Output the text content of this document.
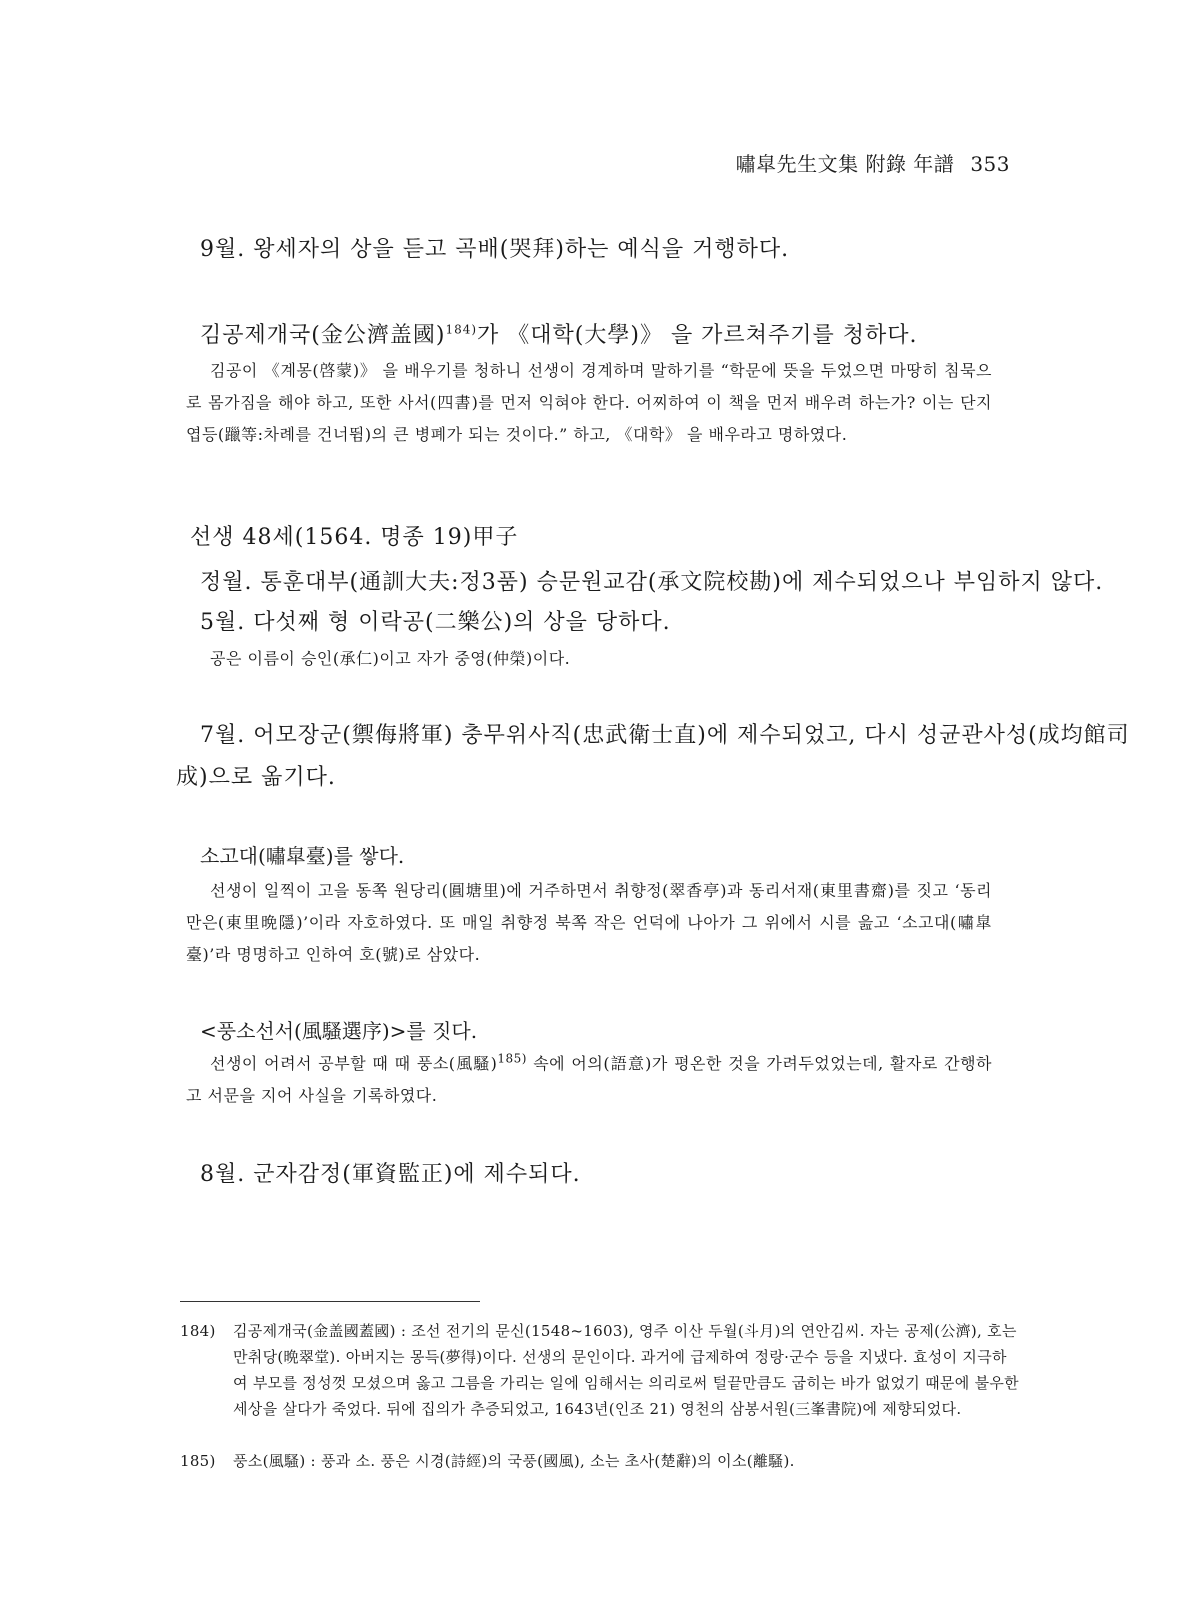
嘯皐先生文集 附錄 年譜 353
9월. 왕세자의 상을 듣고 곡배(哭拜)하는 예식을 거행하다.
김공제개국(金公濟盖國)$^{184)}$가 《대학(大學)》 을 가르쳐주기를 청하다.
김공이 《계몽(啓蒙)》 을 배우기를 청하니 선생이 경계하며 말하기를 “학문에 뜻을 두었으면 마땅히 침묵으로 몸가짐을 해야 하고, 또한 사서(四書)를 먼저 익혀야 한다. 어찌하여 이 책을 먼저 배우려 하는가? 이는 단지 엽등(躐等:차례를 건너뜀)의 큰 병폐가 되는 것이다.” 하고, 《대학》 을 배우라고 명하였다.
선생 48세(1564. 명종 19)甲子
정월. 통훈대부(通訓大夫:정3품) 승문원교감(承文院校勘)에 제수되었으나 부임하지 않다.
5월. 다섯째 형 이락공(二樂公)의 상을 당하다.
공은 이름이 승인(承仁)이고 자가 중영(仲榮)이다.
7월. 어모장군(禦侮將軍) 충무위사직(忠武衛士直)에 제수되었고, 다시 성균관사성(成均館司
成)으로 옮기다.
소고대(嘯皐臺)를 쌓다.
선생이 일찍이 고을 동쪽 원당리(圓塘里)에 거주하면서 취향정(翠香亭)과 동리서재(東里書齋)를 짓고 ‘동리만은(東里晩隱)’이라 자호하였다. 또 매일 취향정 북쪽 작은 언덕에 나아가 그 위에서 시를 읊고 ‘소고대(嘯皐臺)’라 명명하고 인하여 호(號)로 삼았다.
<풍소선서(風騷選序)>를 짓다.
선생이 어려서 공부할 때 때 풍소(風騷)$^{185)}$ 속에 어의(語意)가 평온한 것을 가려두었었는데, 활자로 간행하고 서문을 지어 사실을 기록하였다.
8월. 군자감정(軍資監正)에 제수되다.
184) 김공제개국(金盖國蓋國) : 조선 전기의 문신(1548~1603), 영주 이산 두월(斗月)의 연안김씨. 자는 공제(公濟), 호는 만취당(晩翠堂). 아버지는 몽득(夢得)이다. 선생의 문인이다. 과거에 급제하여 정랑·군수 등을 지냈다. 효성이 지극하여 부모를 정성껏 모셨으며 옳고 그름을 가리는 일에 임해서는 의리로써 털끝만큼도 굽히는 바가 없었기 때문에 불우한 세상을 살다가 죽었다. 뒤에 집의가 추증되었고, 1643년(인조 21) 영천의 삼봉서원(三峯書院)에 제향되었다.
185) 풍소(風騷) : 풍과 소. 풍은 시경(詩經)의 국풍(國風), 소는 초사(楚辭)의 이소(離騷).
